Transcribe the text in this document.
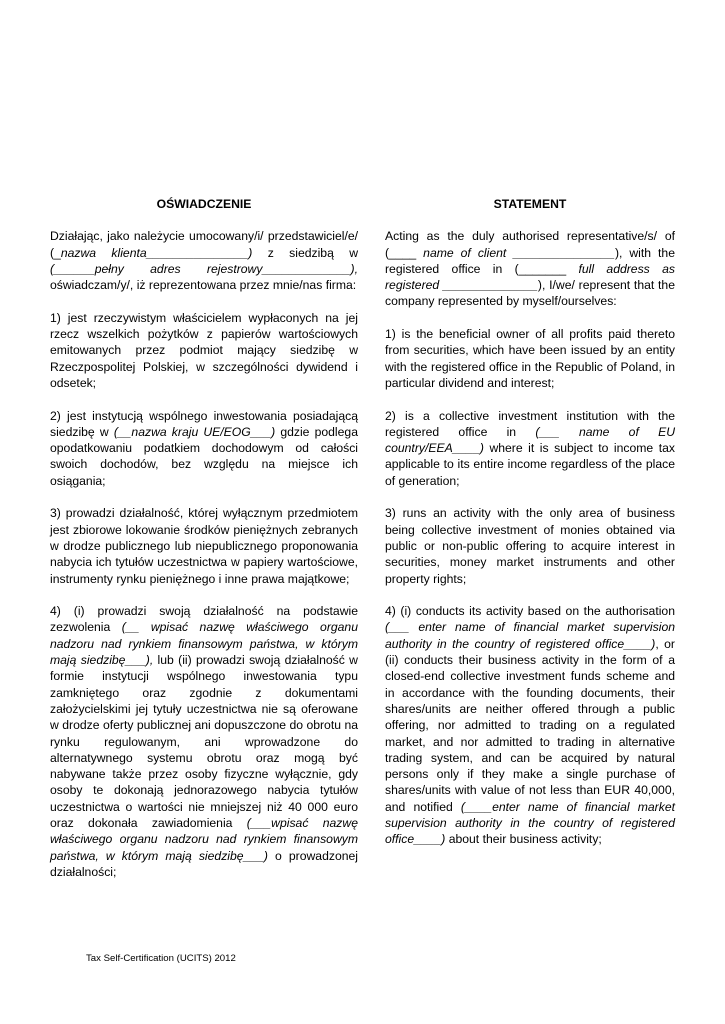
OŚWIADCZENIE
Działając, jako należycie umocowany/i/ przedstawiciel/e/ (_nazwa klienta_______________) z siedzibą w (______pełny adres rejestrowy_____________), oświadczam/y/, iż reprezentowana przez mnie/nas firma:
1) jest rzeczywistym właścicielem wypłaconych na jej rzecz wszelkich pożytków z papierów wartościowych emitowanych przez podmiot mający siedzibę w Rzeczpospolitej Polskiej, w szczególności dywidend i odsetek;
2) jest instytucją wspólnego inwestowania posiadającą siedzibę w (__nazwa kraju UE/EOG___) gdzie podlega opodatkowaniu podatkiem dochodowym od całości swoich dochodów, bez względu na miejsce ich osiągania;
3) prowadzi działalność, której wyłącznym przedmiotem jest zbiorowe lokowanie środków pieniężnych zebranych w drodze publicznego lub niepublicznego proponowania nabycia ich tytułów uczestnictwa w papiery wartościowe, instrumenty rynku pieniężnego i inne prawa majątkowe;
4) (i) prowadzi swoją działalność na podstawie zezwolenia (__ wpisać nazwę właściwego organu nadzoru nad rynkiem finansowym państwa, w którym mają siedzibę___), lub (ii) prowadzi swoją działalność w formie instytucji wspólnego inwestowania typu zamkniętego oraz zgodnie z dokumentami założycielskimi jej tytuły uczestnictwa nie są oferowane w drodze oferty publicznej ani dopuszczone do obrotu na rynku regulowanym, ani wprowadzone do alternatywnego systemu obrotu oraz mogą być nabywane także przez osoby fizyczne wyłącznie, gdy osoby te dokonają jednorazowego nabycia tytułów uczestnictwa o wartości nie mniejszej niż 40 000 euro oraz dokonała zawiadomienia (___wpisać nazwę właściwego organu nadzoru nad rynkiem finansowym państwa, w którym mają siedzibę___) o prowadzonej działalności;
STATEMENT
Acting as the duly authorised representative/s/ of (____ name of client _______________), with the registered office in (_______ full address as registered ______________), I/we/ represent that the company represented by myself/ourselves:
1) is the beneficial owner of all profits paid thereto from securities, which have been issued by an entity with the registered office in the Republic of Poland, in particular dividend and interest;
2) is a collective investment institution with the registered office in (___ name of EU country/EEA____) where it is subject to income tax applicable to its entire income regardless of the place of generation;
3) runs an activity with the only area of business being collective investment of monies obtained via public or non-public offering to acquire interest in securities, money market instruments and other property rights;
4) (i) conducts its activity based on the authorisation (___ enter name of financial market supervision authority in the country of registered office____), or (ii) conducts their business activity in the form of a closed-end collective investment funds scheme and in accordance with the founding documents, their shares/units are neither offered through a public offering, nor admitted to trading on a regulated market, and nor admitted to trading in alternative trading system, and can be acquired by natural persons only if they make a single purchase of shares/units with value of not less than EUR 40,000, and notified (____enter name of financial market supervision authority in the country of registered office____) about their business activity;
Tax Self-Certification (UCITS) 2012
